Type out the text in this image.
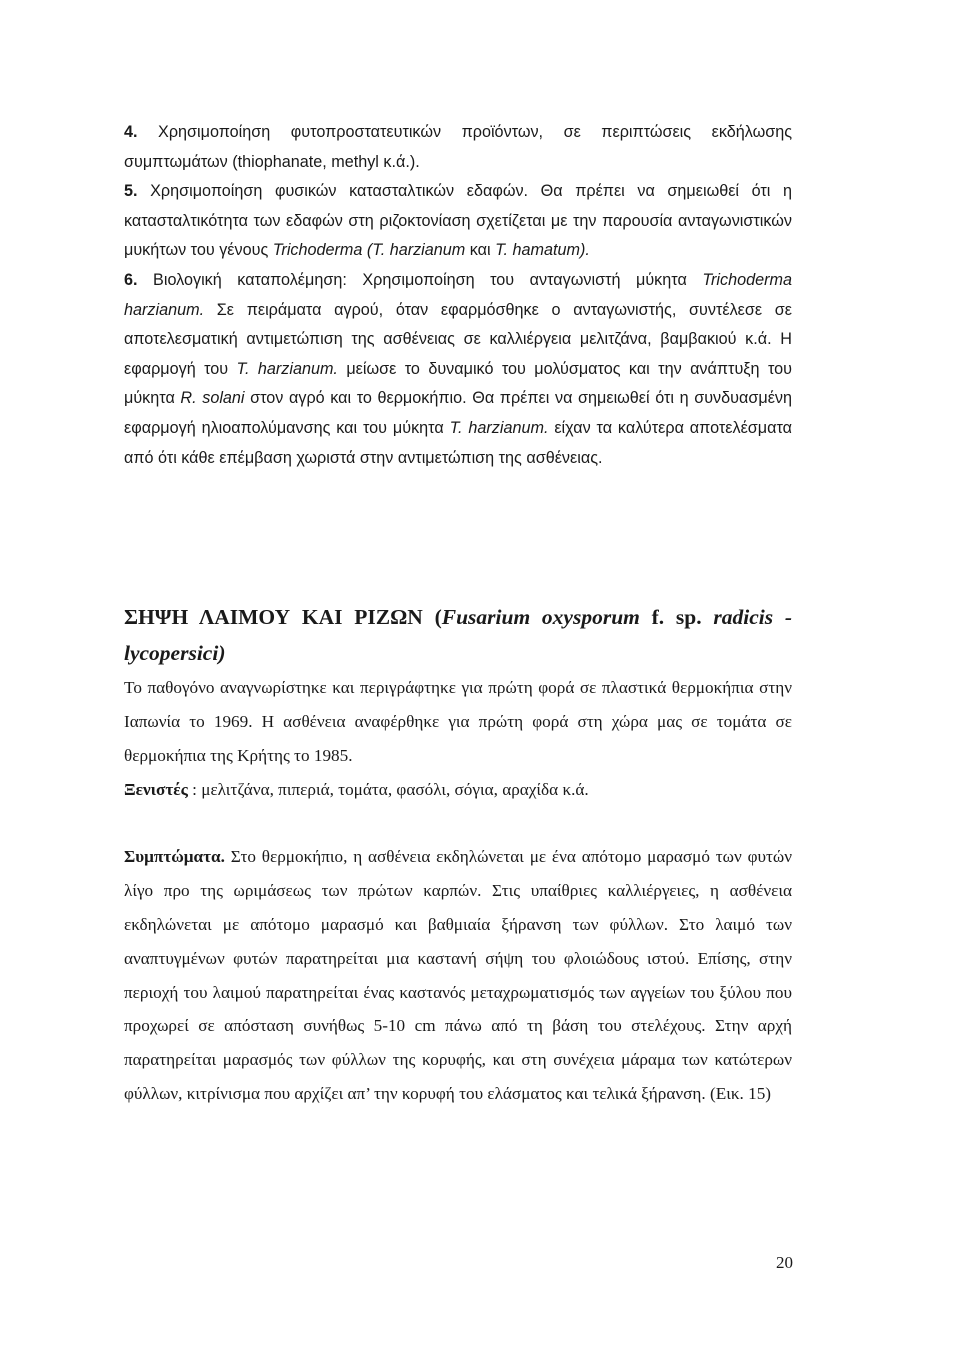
4. Χρησιμοποίηση φυτοπροστατευτικών προϊόντων, σε περιπτώσεις εκδήλωσης συμπτωμάτων (thiophanate, methyl κ.ά.).

5. Χρησιμοποίηση φυσικών κατασταλτικών εδαφών. Θα πρέπει να σημειωθεί ότι η κατασταλτικότητα των εδαφών στη ριζοκτονίαση σχετίζεται με την παρουσία ανταγωνιστικών μυκήτων του γένους Trichoderma (T. harzianum και T. hamatum).

6. Βιολογική καταπολέμηση: Χρησιμοποίηση του ανταγωνιστή μύκητα Trichoderma harzianum. Σε πειράματα αγρού, όταν εφαρμόσθηκε ο ανταγωνιστής, συντέλεσε σε αποτελεσματική αντιμετώπιση της ασθένειας σε καλλιέργεια μελιτζάνα, βαμβακιού κ.ά. Η εφαρμογή του T. harzianum. μείωσε το δυναμικό του μολύσματος και την ανάπτυξη του μύκητα R. solani στον αγρό και το θερμοκήπιο. Θα πρέπει να σημειωθεί ότι η συνδυασμένη εφαρμογή ηλιοαπολύμανσης και του μύκητα T. harzianum. είχαν τα καλύτερα αποτελέσματα από ότι κάθε επέμβαση χωριστά στην αντιμετώπιση της ασθένειας.

ΣΗΨΗ ΛΑΙΜΟΥ ΚΑΙ ΡΙΖΩΝ (Fusarium oxysporum f. sp. radicis - lycopersici)

Το παθογόνο αναγνωρίστηκε και περιγράφτηκε για πρώτη φορά σε πλαστικά θερμοκήπια στην Ιαπωνία το 1969. Η ασθένεια αναφέρθηκε για πρώτη φορά στη χώρα μας σε τομάτα σε θερμοκήπια της Κρήτης το 1985.

Ξενιστές : μελιτζάνα, πιπεριά, τομάτα, φασόλι, σόγια, αραχίδα κ.ά.

Συμπτώματα. Στο θερμοκήπιο, η ασθένεια εκδηλώνεται με ένα απότομο μαρασμό των φυτών λίγο προ της ωριμάσεως των πρώτων καρπών. Στις υπαίθριες καλλιέργειες, η ασθένεια εκδηλώνεται με απότομο μαρασμό και βαθμιαία ξήρανση των φύλλων. Στο λαιμό των αναπτυγμένων φυτών παρατηρείται μια καστανή σήψη του φλοιώδους ιστού. Επίσης, στην περιοχή του λαιμού παρατηρείται ένας καστανός μεταχρωματισμός των αγγείων του ξύλου που προχωρεί σε απόσταση συνήθως 5-10 cm πάνω από τη βάση του στελέχους. Στην αρχή παρατηρείται μαρασμός των φύλλων της κορυφής, και στη συνέχεια μάραμα των κατώτερων φύλλων, κιτρίνισμα που αρχίζει απ’ την κορυφή του ελάσματος και τελικά ξήρανση. (Εικ. 15)

20
